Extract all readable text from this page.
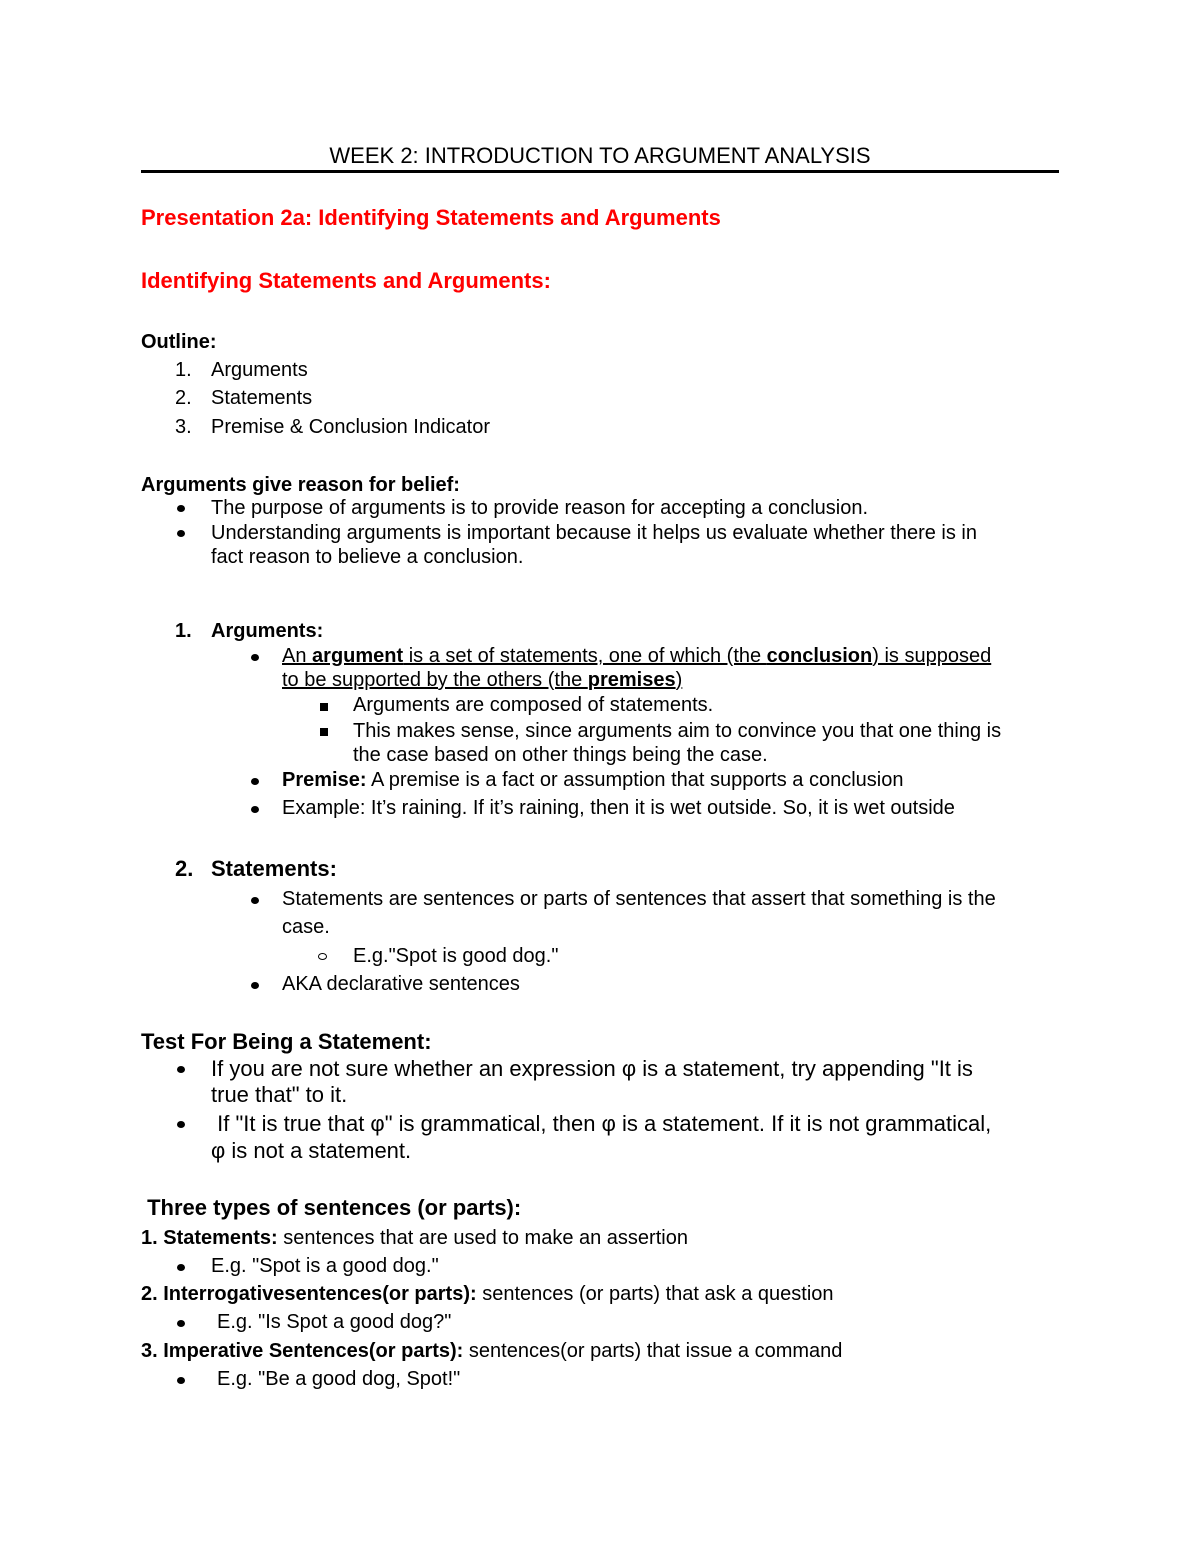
WEEK 2: INTRODUCTION TO ARGUMENT ANALYSIS
Presentation 2a: Identifying Statements and Arguments
Identifying Statements and Arguments:
Outline:
1. Arguments
2. Statements
3. Premise & Conclusion Indicator
Arguments give reason for belief:
The purpose of arguments is to provide reason for accepting a conclusion.
Understanding arguments is important because it helps us evaluate whether there is in
fact reason to believe a conclusion.
1. Arguments:
An argument is a set of statements, one of which (the conclusion) is supposed
to be supported by the others (the premises)
Arguments are composed of statements.
This makes sense, since arguments aim to convince you that one thing is
the case based on other things being the case.
Premise: A premise is a fact or assumption that supports a conclusion
Example: It’s raining. If it’s raining, then it is wet outside. So, it is wet outside
2. Statements:
Statements are sentences or parts of sentences that assert that something is the
case.
E.g."Spot is good dog."
AKA declarative sentences
Test For Being a Statement:
If you are not sure whether an expression φ is a statement, try appending "It is
true that" to it.
If "It is true that φ" is grammatical, then φ is a statement. If it is not grammatical,
φ is not a statement.
Three types of sentences (or parts):
1. Statements: sentences that are used to make an assertion
E.g. "Spot is a good dog."
2. Interrogativesentences(or parts): sentences (or parts) that ask a question
E.g. "Is Spot a good dog?"
3. Imperative Sentences(or parts): sentences(or parts) that issue a command
E.g. "Be a good dog, Spot!"
